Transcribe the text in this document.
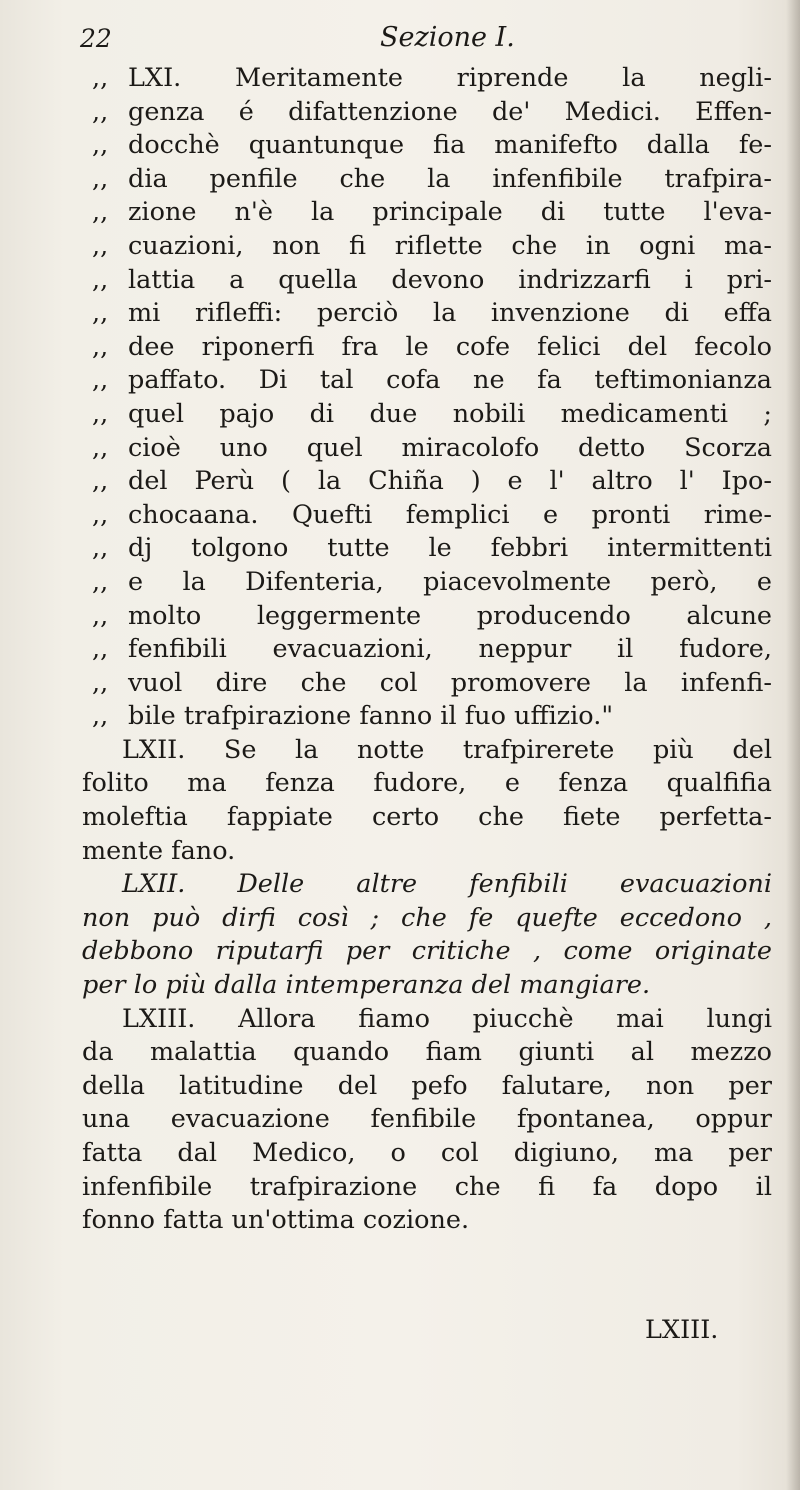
22	Sezione I.
,, LXI. Meritamente riprende la negli-
,, genza é difattenzione de' Medici. Effen-
,, docchè quantunque fia manifefto dalla fe-
,, dia penfile che la infenfibile trafpira-
,, zione n'è la principale di tutte l'eva-
,, cuazioni, non fi riflette che in ogni ma-
,, lattia a quella devono indrizzarfi i pri-
,, mi rifleffi: perciò la invenzione di effa
,, dee riponerfi fra le cofe felici del fecolo
,, paffato. Di tal cofa ne fa teftimonianza
,, quel pajo di due nobili medicamenti ;
,, cioè uno quel miracolofo detto Scorza
,, del Perù ( la Chiña ) e l' altro l' Ipo-
,, chocaana. Quefti femplici e pronti rime-
,, dj tolgono tutte le febbri intermittenti
,, e la Difenteria, piacevolmente però, e
,, molto leggermente producendo alcune
,, fenfibili evacuazioni, neppur il fudore,
,, vuol dire che col promovere la infenfi-
,, bile trafpirazione fanno il fuo uffizio."
LXII. Se la notte trafpirerete più del
folito ma fenza fudore, e fenza qualfifia
moleftia fappiate certo che fiete perfetta-
mente fano.
LXII. Delle altre fenfibili evacuazioni
non può dirfi così ; che fe quefte eccedono ,
debbono riputarfi per critiche , come originate
per lo più dalla intemperanza del mangiare.
LXIII. Allora fiamo piucchè mai lungi
da malattia quando fiam giunti al mezzo
della latitudine del pefo falutare, non per
una evacuazione fenfibile fpontanea, oppur
fatta dal Medico, o col digiuno, ma per
infenfibile trafpirazione che fi fa dopo il
fonno fatta un'ottima cozione.
LXIII.
